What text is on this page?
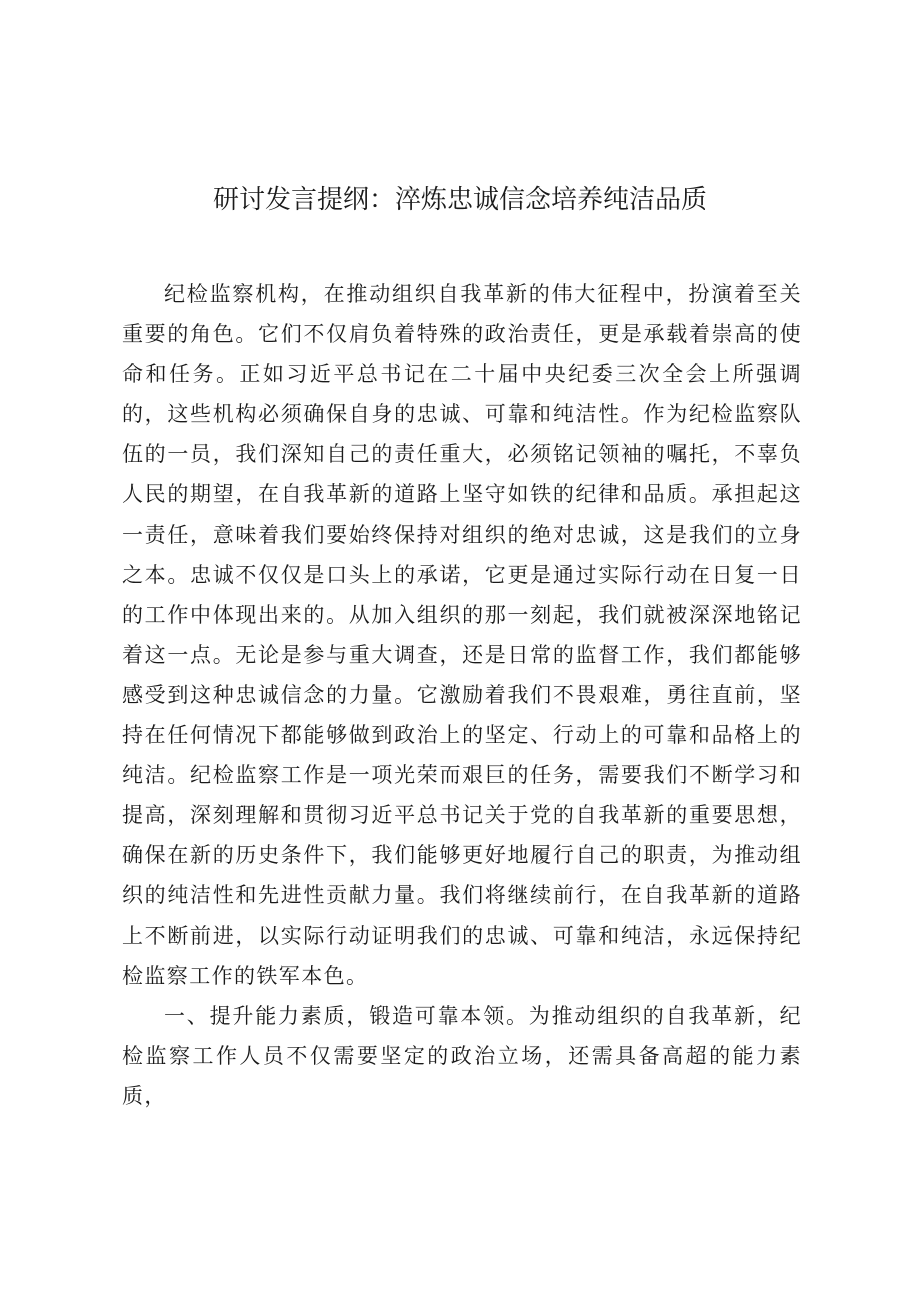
研讨发言提纲：淬炼忠诚信念培养纯洁品质

纪检监察机构，在推动组织自我革新的伟大征程中，扮演着至关重要的角色。它们不仅肩负着特殊的政治责任，更是承载着崇高的使命和任务。正如习近平总书记在二十届中央纪委三次全会上所强调的，这些机构必须确保自身的忠诚、可靠和纯洁性。作为纪检监察队伍的一员，我们深知自己的责任重大，必须铭记领袖的嘱托，不辜负人民的期望，在自我革新的道路上坚守如铁的纪律和品质。承担起这一责任，意味着我们要始终保持对组织的绝对忠诚，这是我们的立身之本。忠诚不仅仅是口头上的承诺，它更是通过实际行动在日复一日的工作中体现出来的。从加入组织的那一刻起，我们就被深深地铭记着这一点。无论是参与重大调查，还是日常的监督工作，我们都能够感受到这种忠诚信念的力量。它激励着我们不畏艰难，勇往直前，坚持在任何情况下都能够做到政治上的坚定、行动上的可靠和品格上的纯洁。纪检监察工作是一项光荣而艰巨的任务，需要我们不断学习和提高，深刻理解和贯彻习近平总书记关于党的自我革新的重要思想，确保在新的历史条件下，我们能够更好地履行自己的职责，为推动组织的纯洁性和先进性贡献力量。我们将继续前行，在自我革新的道路上不断前进，以实际行动证明我们的忠诚、可靠和纯洁，永远保持纪检监察工作的铁军本色。

一、提升能力素质，锻造可靠本领。为推动组织的自我革新，纪检监察工作人员不仅需要坚定的政治立场，还需具备高超的能力素质，
